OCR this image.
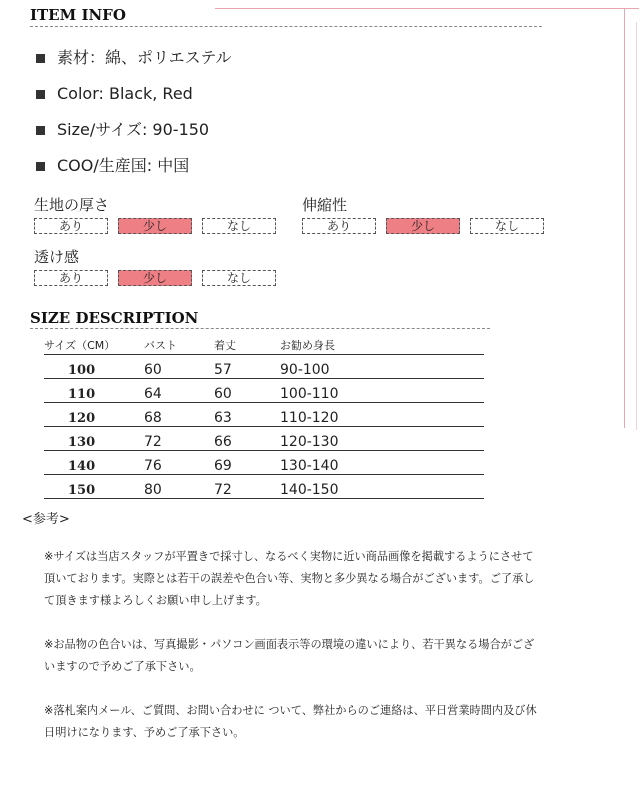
ITEM INFO
素材：綿、ポリエステル
Color: Black, Red
Size/サイズ: 90-150
COO/生産国: 中国
生地の厚さ
あり	少し	なし
伸縮性
あり	少し	なし
透け感
あり	少し	なし
SIZE DESCRIPTION
サイズ（CM）	バスト	着丈	お勧め身長
100	60	57	90-100
110	64	60	100-110
120	68	63	110-120
130	72	66	120-130
140	76	69	130-140
150	80	72	140-150

<参考>

※サイズは当店スタッフが平置きで採寸し、なるべく実物に近い商品画像を掲載するようにさせて頂いております。実際とは若干の誤差や色合い等、実物と多少異なる場合がございます。ご了承して頂きます様よろしくお願い申し上げます。

※お品物の色合いは、写真撮影・パソコン画面表示等の環境の違いにより、若干異なる場合がございますので予めご了承下さい。

※落札案内メール、ご質問、お問い合わせに ついて、弊社からのご連絡は、平日営業時間内及び休日明けになります、予めご了承下さい。
